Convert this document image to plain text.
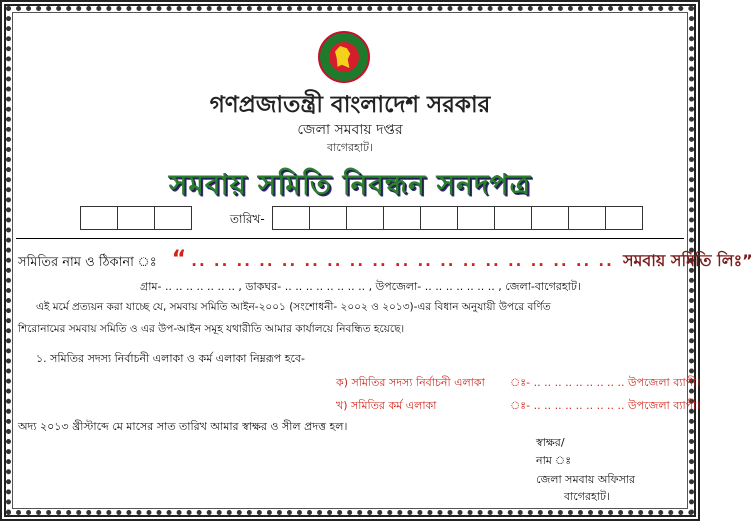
গণপ্রজাতন্ত্রী বাংলাদেশ সরকার
জেলা সমবায় দপ্তর
বাগেরহাট।
সমবায় সমিতি নিবন্ধন সনদপত্র
তারিখ-
সমিতির নাম ও ঠিকানা ঃ “ .. .. .. .. .. .. .. .. .. .. .. .. .. .. .. .. .. .. .. সমবায় সমিতি লিঃ”
গ্রাম- .. .. .. .. .. .. .. , ডাকঘর- .. .. .. .. .. .. .. .. , উপজেলা- .. .. .. .. .. .. .. , জেলা-বাগেরহাট।
এই মর্মে প্রত্যয়ন করা যাচ্ছে যে, সমবায় সমিতি আইন-২০০১ (সংশোধনী- ২০০২ ও ২০১৩)-এর বিধান অনুযায়ী উপরে বর্ণিত
শিরোনামের সমবায় সমিতি ও এর উপ-আইন সমূহ যথারীতি আমার কার্যালয়ে নিবন্ধিত হয়েছে।
১. সমিতির সদস্য নির্বাচনী এলাকা ও কর্ম এলাকা নিম্নরূপ হবে-
ক) সমিতির সদস্য নির্বাচনী এলাকা ঃ- .. .. .. .. .. .. .. .. .. উপজেলা ব্যাপী।
খ) সমিতির কর্ম এলাকা	ঃ- .. .. .. .. .. .. .. .. .. উপজেলা ব্যাপী।
অদ্য ২০১৩ খ্রীস্টাব্দে মে মাসের সাত তারিখ আমার স্বাক্ষর ও সীল প্রদত্ত হল।
স্বাক্ষর/
নাম ঃ
জেলা সমবায় অফিসার
বাগেরহাট।
